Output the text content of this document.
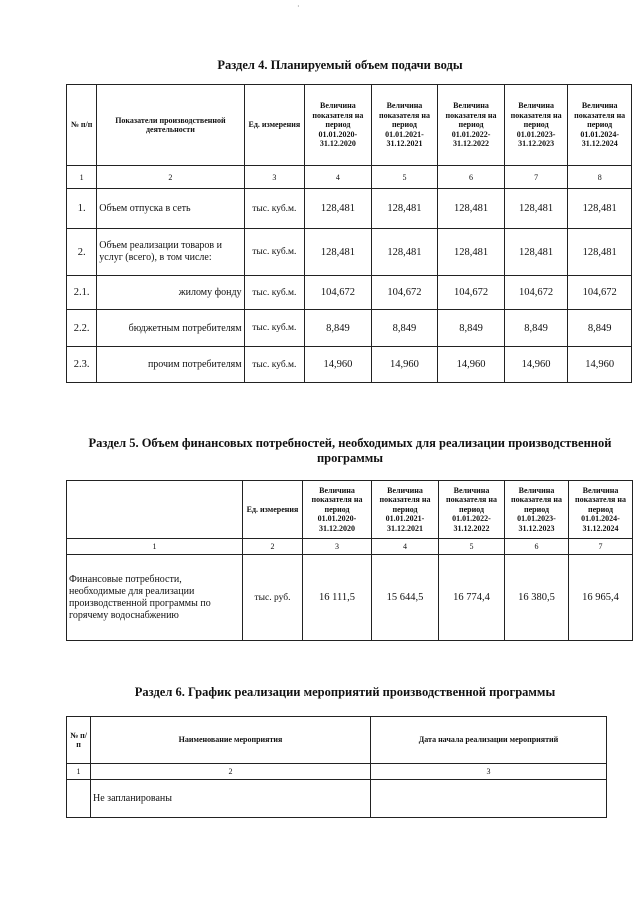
·
Раздел 4. Планируемый объем подачи воды
№ п/п	Показатели производственной деятельности	Ед. измерения	Величина показателя на период 01.01.2020-31.12.2020	Величина показателя на период 01.01.2021-31.12.2021	Величина показателя на период 01.01.2022-31.12.2022	Величина показателя на период 01.01.2023-31.12.2023	Величина показателя на период 01.01.2024-31.12.2024
1	2	3	4	5	6	7	8
1.	Объем отпуска в сеть	тыс. куб.м.	128,481	128,481	128,481	128,481	128,481
2.	Объем реализации товаров и услуг (всего), в том числе:	тыс. куб.м.	128,481	128,481	128,481	128,481	128,481
2.1.	жилому фонду	тыс. куб.м.	104,672	104,672	104,672	104,672	104,672
2.2.	бюджетным потребителям	тыс. куб.м.	8,849	8,849	8,849	8,849	8,849
2.3.	прочим потребителям	тыс. куб.м.	14,960	14,960	14,960	14,960	14,960
Раздел 5. Объем финансовых потребностей, необходимых для реализации производственной программы
	Ед. измерения	Величина показателя на период 01.01.2020-31.12.2020	Величина показателя на период 01.01.2021-31.12.2021	Величина показателя на период 01.01.2022-31.12.2022	Величина показателя на период 01.01.2023-31.12.2023	Величина показателя на период 01.01.2024-31.12.2024
1	2	3	4	5	6	7
Финансовые потребности, необходимые для реализации производственной программы по горячему водоснабжению	тыс. руб.	16 111,5	15 644,5	16 774,4	16 380,5	16 965,4
Раздел 6. График реализации мероприятий производственной программы
№ п/п	Наименование мероприятия	Дата начала реализации мероприятий
1	2	3
	Не запланированы	
